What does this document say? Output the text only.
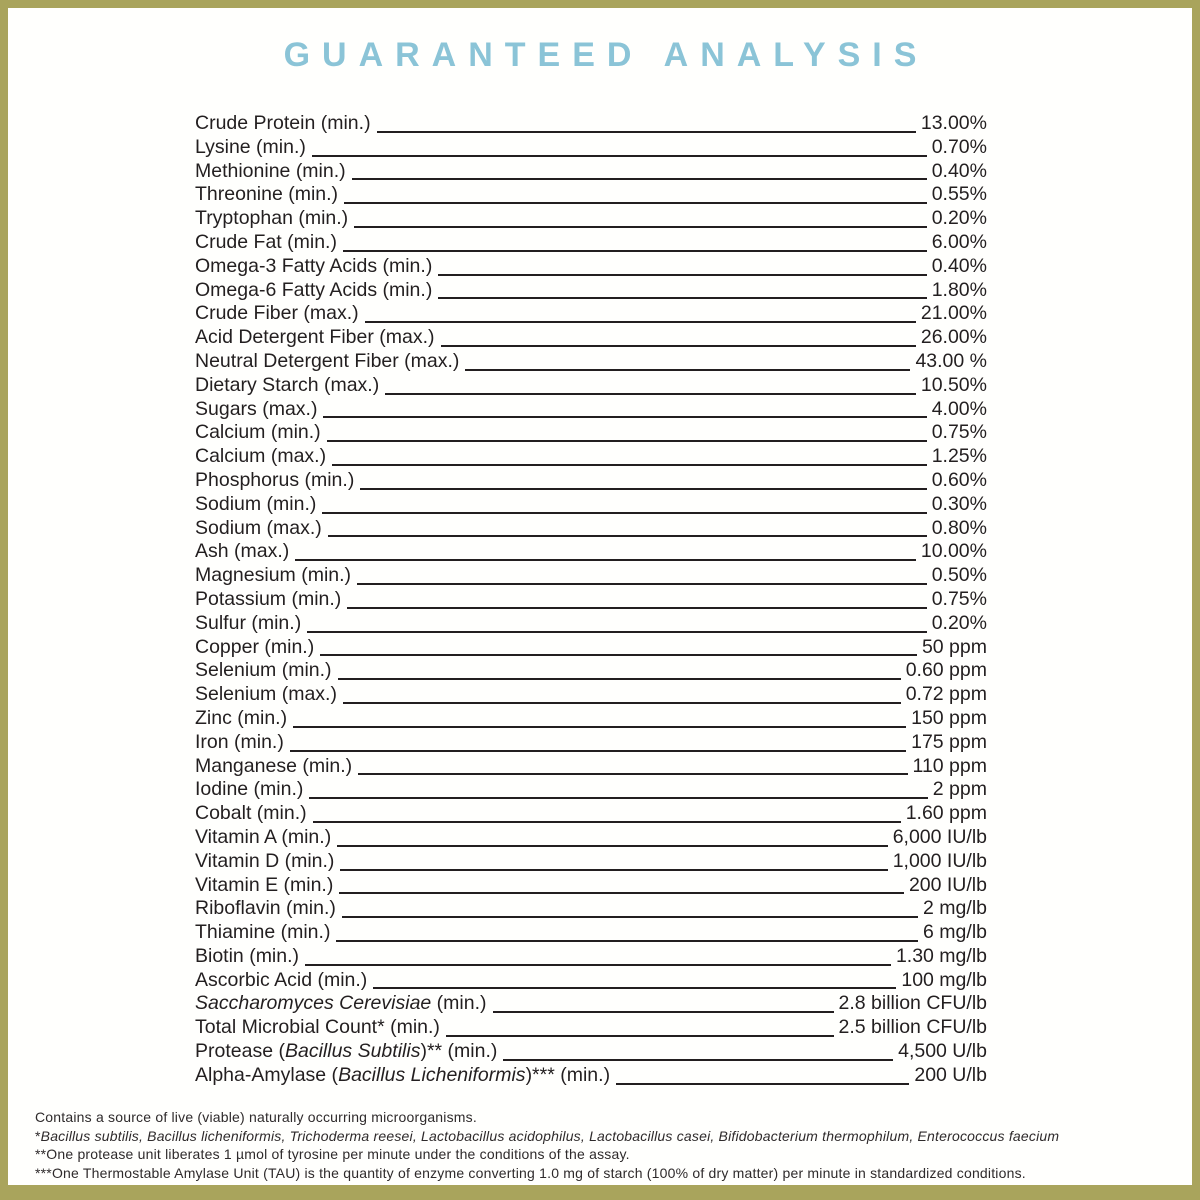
GUARANTEED ANALYSIS
Crude Protein (min.)	13.00%
Lysine (min.)	0.70%
Methionine (min.)	0.40%
Threonine (min.)	0.55%
Tryptophan (min.)	0.20%
Crude Fat (min.)	6.00%
Omega-3 Fatty Acids (min.)	0.40%
Omega-6 Fatty Acids (min.)	1.80%
Crude Fiber (max.)	21.00%
Acid Detergent Fiber (max.)	26.00%
Neutral Detergent Fiber (max.)	43.00 %
Dietary Starch (max.)	10.50%
Sugars (max.)	4.00%
Calcium (min.)	0.75%
Calcium (max.)	1.25%
Phosphorus (min.)	0.60%
Sodium (min.)	0.30%
Sodium (max.)	0.80%
Ash (max.)	10.00%
Magnesium (min.)	0.50%
Potassium (min.)	0.75%
Sulfur (min.)	0.20%
Copper (min.)	50 ppm
Selenium (min.)	0.60 ppm
Selenium (max.)	0.72 ppm
Zinc (min.)	150 ppm
Iron (min.)	175 ppm
Manganese (min.)	110 ppm
Iodine (min.)	2 ppm
Cobalt (min.)	1.60 ppm
Vitamin A (min.)	6,000 IU/lb
Vitamin D (min.)	1,000 IU/lb
Vitamin E (min.)	200 IU/lb
Riboflavin (min.)	2 mg/lb
Thiamine (min.)	6 mg/lb
Biotin (min.)	1.30 mg/lb
Ascorbic Acid (min.)	100 mg/lb
Saccharomyces Cerevisiae (min.)	2.8 billion CFU/lb
Total Microbial Count* (min.)	2.5 billion CFU/lb
Protease (Bacillus Subtilis)** (min.)	4,500 U/lb
Alpha-Amylase (Bacillus Licheniformis)*** (min.)	200 U/lb
Contains a source of live (viable) naturally occurring microorganisms.
*Bacillus subtilis, Bacillus licheniformis, Trichoderma reesei, Lactobacillus acidophilus, Lactobacillus casei, Bifidobacterium thermophilum, Enterococcus faecium
**One protease unit liberates 1 µmol of tyrosine per minute under the conditions of the assay.
***One Thermostable Amylase Unit (TAU) is the quantity of enzyme converting 1.0 mg of starch (100% of dry matter) per minute in standardized conditions.
